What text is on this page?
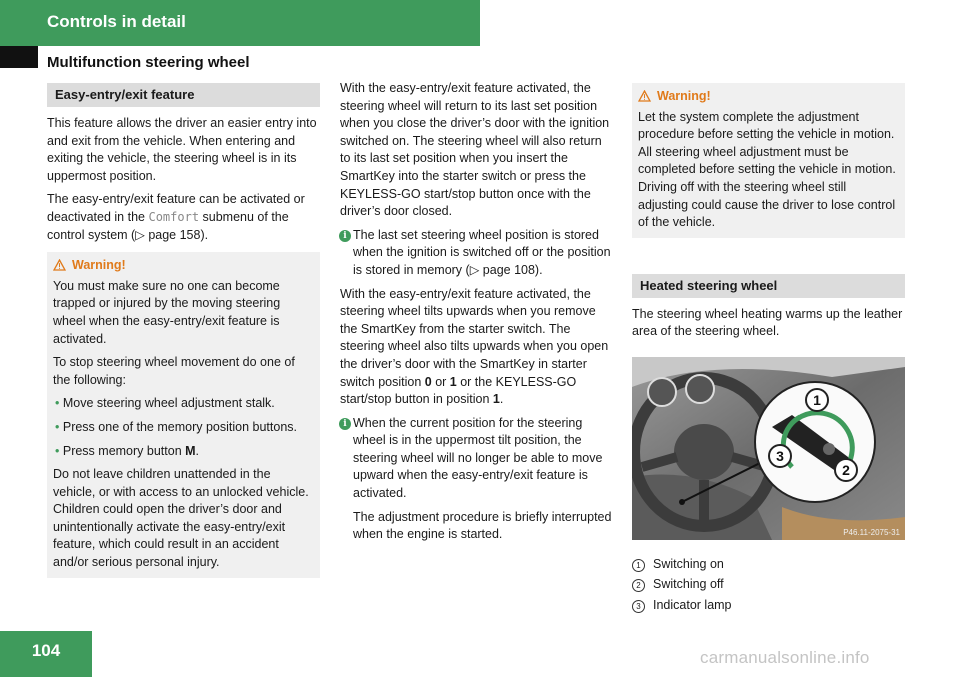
Controls in detail
Multifunction steering wheel
Easy-entry/exit feature

This feature allows the driver an easier entry into and exit from the vehicle. When entering and exiting the vehicle, the steering wheel is in its uppermost position.

The easy-entry/exit feature can be activated or deactivated in the Comfort submenu of the control system (▷ page 158).

Warning!

You must make sure no one can become trapped or injured by the moving steering wheel when the easy-entry/exit feature is activated.

To stop steering wheel movement do one of the following:

• Move steering wheel adjustment stalk.

• Press one of the memory position buttons.

• Press memory button M.

Do not leave children unattended in the vehicle, or with access to an unlocked vehicle. Children could open the driver’s door and unintentionally activate the easy-entry/exit feature, which could result in an accident and/or serious personal injury.

With the easy-entry/exit feature activated, the steering wheel will return to its last set position when you close the driver’s door with the ignition switched on. The steering wheel will also return to its last set position when you insert the SmartKey into the starter switch or press the KEYLESS-GO start/stop button once with the driver’s door closed.

i The last set steering wheel position is stored when the ignition is switched off or the position is stored in memory (▷ page 108).

With the easy-entry/exit feature activated, the steering wheel tilts upwards when you remove the SmartKey from the starter switch. The steering wheel also tilts upwards when you open the driver’s door with the SmartKey in starter switch position 0 or 1 or the KEYLESS-GO start/stop button in position 1.

i When the current position for the steering wheel is in the uppermost tilt position, the steering wheel will no longer be able to move upward when the easy-entry/exit feature is activated.

The adjustment procedure is briefly interrupted when the engine is started.

Warning!

Let the system complete the adjustment procedure before setting the vehicle in motion. All steering wheel adjustment must be completed before setting the vehicle in motion. Driving off with the steering wheel still adjusting could cause the driver to lose control of the vehicle.

Heated steering wheel

The steering wheel heating warms up the leather area of the steering wheel.

1
2
3
P46.11-2075-31

1 Switching on

2 Switching off

3 Indicator lamp

104	carmanualsonline.info
